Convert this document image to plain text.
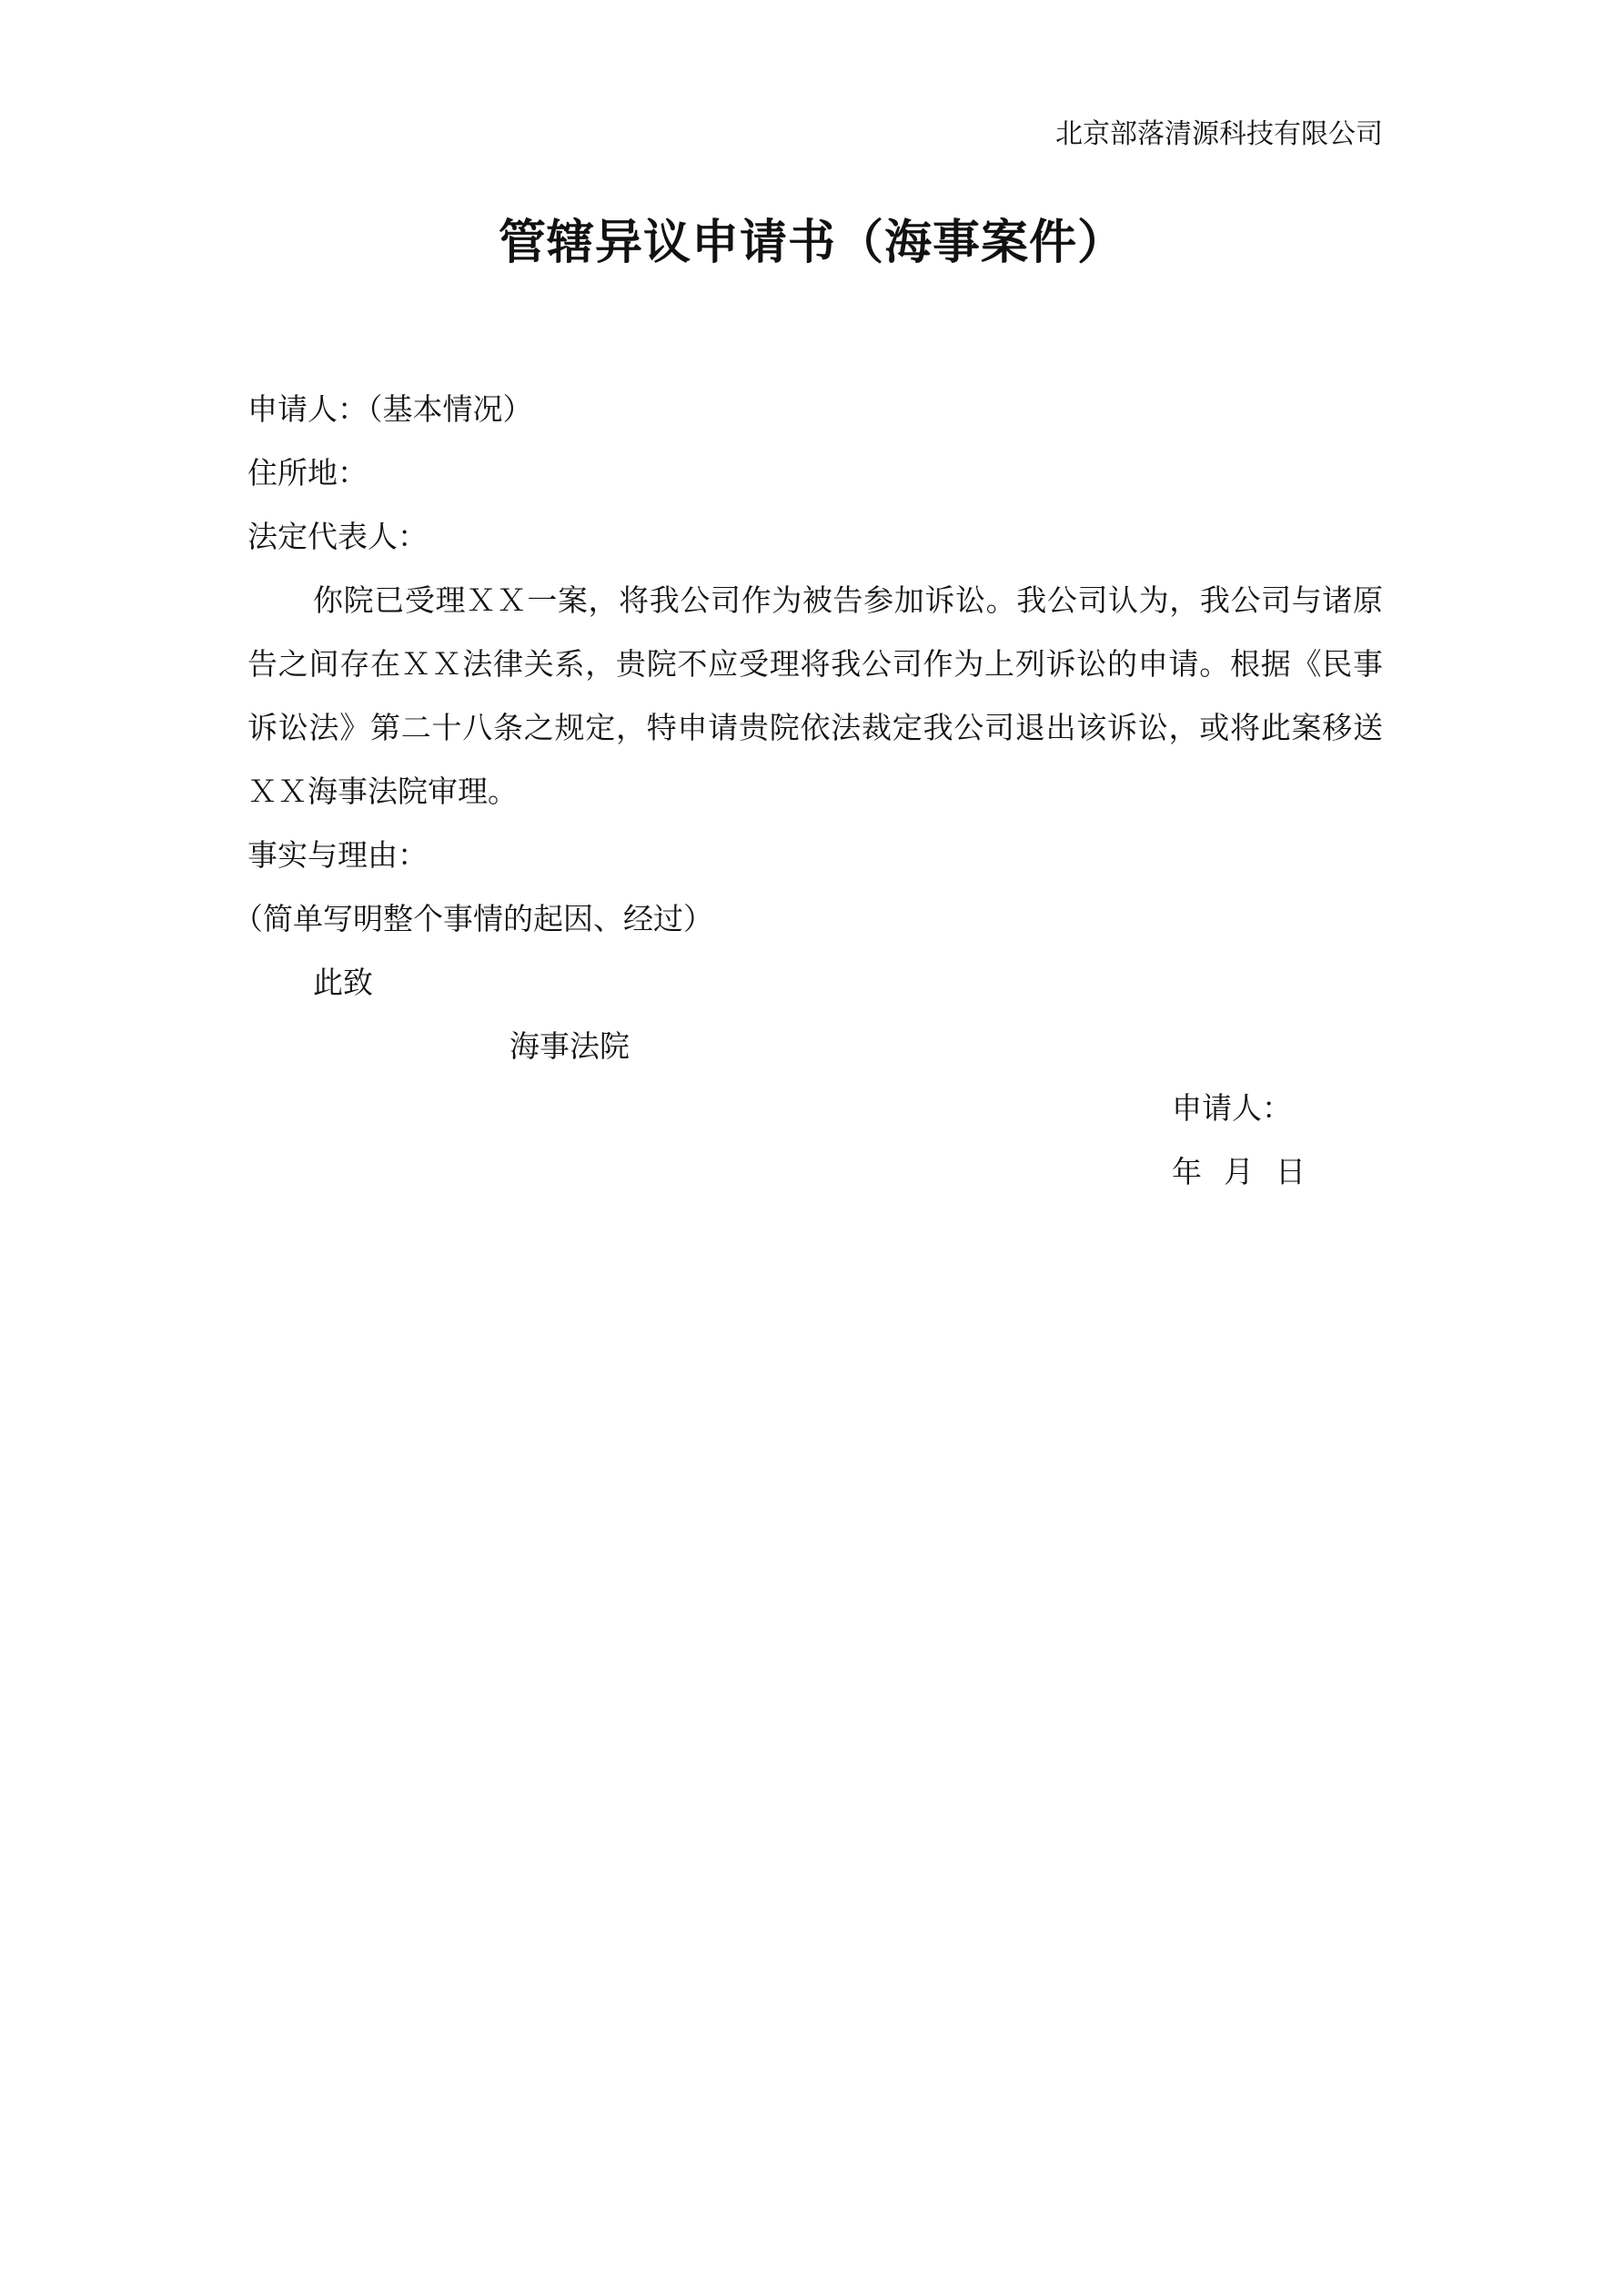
北京部落清源科技有限公司
管辖异议申请书（海事案件）
申请人：（基本情况）
住所地：
法定代表人：
你院已受理ＸＸ一案，将我公司作为被告参加诉讼。我公司认为，我公司与诸原告之间存在ＸＸ法律关系，贵院不应受理将我公司作为上列诉讼的申请。根据《民事诉讼法》第二十八条之规定，特申请贵院依法裁定我公司退出该诉讼，或将此案移送ＸＸ海事法院审理。
事实与理由：
（简单写明整个事情的起因、经过）
此致
海事法院
申请人：
年 月 日
